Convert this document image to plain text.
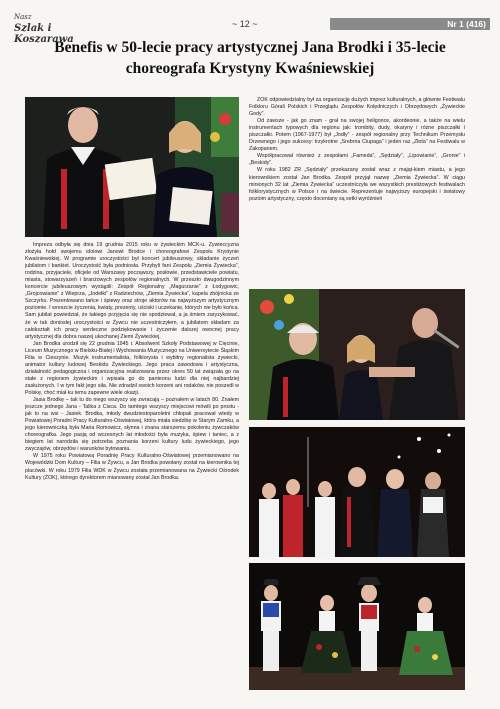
Nasz
Szlak i Koszarawa
~ 12 ~	Nr 1 (416)
Benefis w 50-lecie pracy artystycznej Jana Brodki i 35-lecie choreografa Krystyny Kwaśniewskiej

Impreza odbyła się dnia 19 grudnia 2015 roku w żywieckim MCK-u. Żywieccyzna złożyła hołd swojemu idolowi Janowi Brodce i choreografowi Zespołu Krystynie Kwaśniewskiej. W programie uroczystości był koncert jubileuszowy, składanie życzeń jubilatom i bankiet. Uroczystość była podniosła. Przybyli fani Zespołu „Ziemia Żywiecka”, rodzina, przyjaciele, oficjele od Warszawy począwszy, posłowie, przedstawiciele powiatu, miasta, stowarzyszeń i branżowych zespołów regionalnych. W przeszło dwugodzinnym koncercie jubileuszowym wystąpili: Zespół Regionalny „Magurzanie” z Łodygowic, „Grojcowianie” z Wieprza, „Jodełki” z Radziechów, „Ziemia Żywiecka”, kapela zbójnicka ze Szczyrku. Prezentowano tańce i śpiewy oraz stroje aktorów na najwyższym artystycznym poziomie. I wreszcie życzenia, kwiaty, prezenty, uściski i uczekanie, których nie było końca. Sam jubilat powiedział, że takiego przyjęcia się nie spodziewał, a ja śmiem zaryzykować, że w tak doniosłej uroczystości w Żywcu nie uczestniczyłem, a jubilatom składam za całokształt ich pracy serdeczne podziękowanie i życzenie dalszej owocnej pracy artystycznej dla dobra naszej ukochanej Ziemi Żywieckiej.

Jan Brodka urodził się 22 grudnia 1945 r. Absolwent Szkoły Podstawowej w Cięcinie, Liceum Muzycznego w Bielsku-Białej i Wychowania Muzycznego na Uniwersytecie Śląskim Filia w Cieszynie. Muzyk instrumentalista, folklorysta i wybitny regionalista żywiecki, animator kultury ludowej Beskidu Żywieckiego. Jego praca zawodowa i artystyczna, działalność pedagogiczna i organizacyjna realizowana przez okres 50 lat związała go na stałe z regionem żywieckim i wpisała go do panteonu ludzi dla niej najbardziej zasłużonych. I w tym fakt jego siła. Nie zdradził swoich korzeni ani rodaków, nie poszedł w Polskę, choć miał ku temu zapewne wiele okazji.

Jasia Brodkę – tak tu do niego wszyscy się zwracają – poznałem w latach 80. Znałem jeszcze jednego Jana - Talika z Cisca. Do tamtego wszyscy miejscowi mówili po prostu - jak to na wsi - Jasiek. Brodka, młody dwudziestoparoletni chłopak pracował wtedy w Powiatowej Poradni Pracy Kulturalno-Oświatowej, która miała siedzibę w Starym Zamku, a jego kierowniczką była Maria Romowicz, słynna i znana starszemu pokoleniu żywczaków choreografka. Jego pasją od wczesnych lat młodości była muzyka, śpiew i taniec, a z biegiem lat narodziła się potrzeba poznania korzeni kultury ludu żywieckiego, jego zwyczajów, obrzędów i warunków bytowania.

W 1975 roku Powiatową Poradnię Pracy Kulturalno-Oświatowej przemianowano na Wojewódzki Dom Kultury – Filia w Żywcu, a Jan Brodka powołany został na kierownika tej placówki. W roku 1979 Filia WDK w Żywcu została przemianowana na Żywiecki Ośrodek Kultury (ŻOK), którego dyrektorem mianowany został Jan Brodka.

ŻOK odpowiedzialny był za organizację dużych imprez kulturalnych, a głównie Festiwalu Folkloru Górali Polskich i Przeglądu Zespołów Kolędniczych i Obrzędowych „Żywieckie Gody”.

Od zawsze - jak go znam - grał na swojej heligonce, akordeonie, a także na wielu instrumentach typowych dla regionu jak: trombity, dudy, okaryny i różne piszczałki i piszczałki. Potem (1967-1977) był „Jodły” - zespół regionalny przy Technikum Przemysłu Drzewnego i jego sukcesy: trzykrotne „Srebrna Ciupaga” i jeden raz „Złota” na Festiwalu w Zakopanem.

Współpracował również z zespołami „Fameda”, „Sędziały”, „Lipowianie”, „Gronie” i „Beskidy”.

W roku 1982 ZR „Sędziały” przekazany został wraz z mająt-kiem miastu, a jego kierownikiem został Jan Brodka. Zespół przyjął nazwę „Ziemia Żywiecka”. W ciągu minionych 32 lat „Ziemia Żywiecka” uczestniczyła we wszystkich prestiżowych festiwalach folklorystycznych w Polsce i na świecie. Reprezentuje najwyższy europejski i światowy poziom artystyczny, często doceniany są setki wyróżnień
